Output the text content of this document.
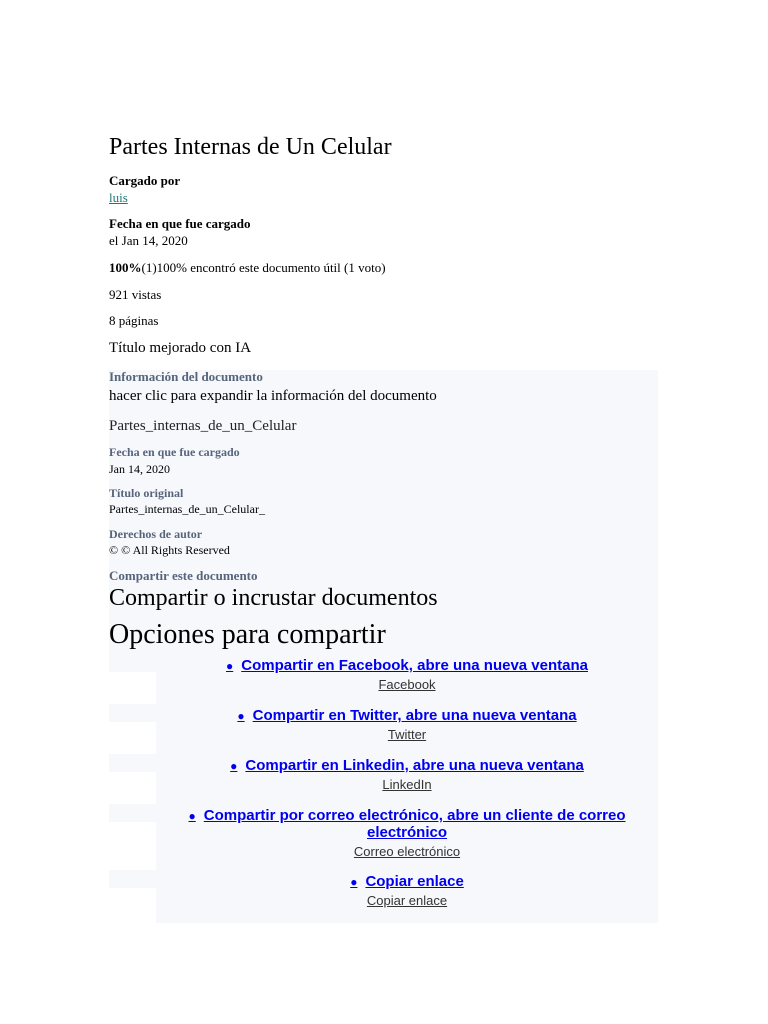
Partes Internas de Un Celular
Cargado por
luis
Fecha en que fue cargado
el Jan 14, 2020
100%(1)100% encontró este documento útil (1 voto)
921 vistas
8 páginas
Título mejorado con IA
Información del documento
hacer clic para expandir la información del documento
Partes_internas_de_un_Celular
Fecha en que fue cargado
Jan 14, 2020
Título original
Partes_internas_de_un_Celular_
Derechos de autor
© © All Rights Reserved
Compartir este documento
Compartir o incrustar documentos
Opciones para compartir
● Compartir en Facebook, abre una nueva ventana
Facebook
● Compartir en Twitter, abre una nueva ventana
Twitter
● Compartir en Linkedin, abre una nueva ventana
LinkedIn
● Compartir por correo electrónico, abre un cliente de correo electrónico
Correo electrónico
● Copiar enlace
Copiar enlace
